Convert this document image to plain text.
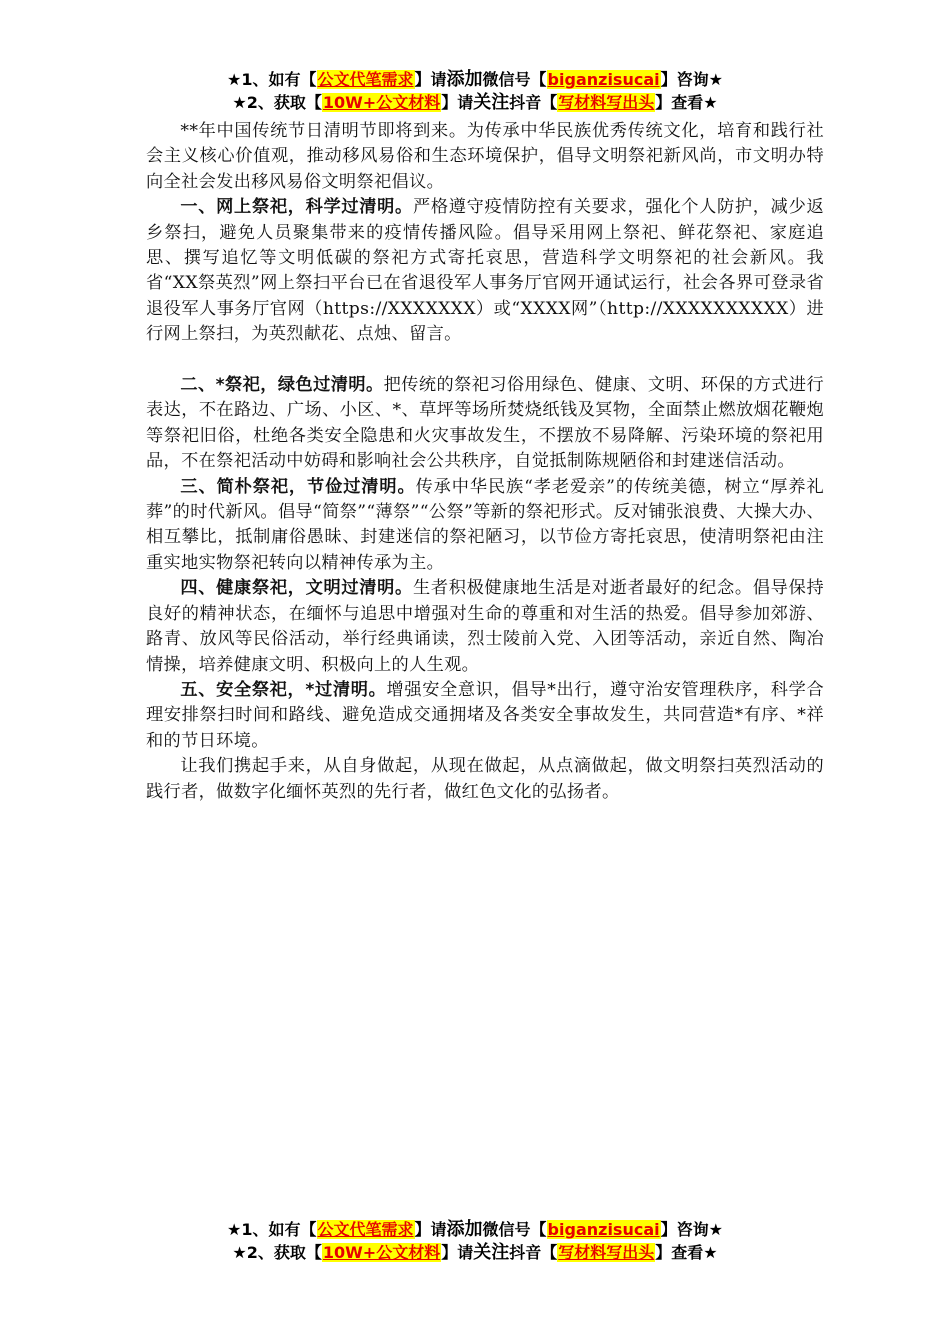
★1、如有【公文代笔需求】请添加微信号【biganzisucai】咨询★
★2、获取【10W+公文材料】请关注抖音【写材料写出头】查看★

**年中国传统节日清明节即将到来。为传承中华民族优秀传统文化，培育和践行社会主义核心价值观，推动移风易俗和生态环境保护，倡导文明祭祀新风尚，市文明办特向全社会发出移风易俗文明祭祀倡议。

一、网上祭祀，科学过清明。严格遵守疫情防控有关要求，强化个人防护，减少返乡祭扫，避免人员聚集带来的疫情传播风险。倡导采用网上祭祀、鲜花祭祀、家庭追思、撰写追忆等文明低碳的祭祀方式寄托哀思，营造科学文明祭祀的社会新风。我省“XX祭英烈”网上祭扫平台已在省退役军人事务厅官网开通试运行，社会各界可登录省退役军人事务厅官网（https://XXXXXXX）或“XXXX网”（http://XXXXXXXXXX）进行网上祭扫，为英烈献花、点烛、留言。

二、*祭祀，绿色过清明。把传统的祭祀习俗用绿色、健康、文明、环保的方式进行表达，不在路边、广场、小区、*、草坪等场所焚烧纸钱及冥物，全面禁止燃放烟花鞭炮等祭祀旧俗，杜绝各类安全隐患和火灾事故发生，不摆放不易降解、污染环境的祭祀用品，不在祭祀活动中妨碍和影响社会公共秩序，自觉抵制陈规陋俗和封建迷信活动。

三、简朴祭祀，节俭过清明。传承中华民族“孝老爱亲”的传统美德，树立“厚养礼葬”的时代新风。倡导“简祭”“薄祭”“公祭”等新的祭祀形式。反对铺张浪费、大操大办、相互攀比，抵制庸俗愚昧、封建迷信的祭祀陋习，以节俭方寄托哀思，使清明祭祀由注重实地实物祭祀转向以精神传承为主。

四、健康祭祀，文明过清明。生者积极健康地生活是对逝者最好的纪念。倡导保持良好的精神状态，在缅怀与追思中增强对生命的尊重和对生活的热爱。倡导参加郊游、路青、放风等民俗活动，举行经典诵读，烈士陵前入党、入团等活动，亲近自然、陶冶情操，培养健康文明、积极向上的人生观。

五、安全祭祀，*过清明。增强安全意识，倡导*出行，遵守治安管理秩序，科学合理安排祭扫时间和路线、避免造成交通拥堵及各类安全事故发生，共同营造*有序、*祥和的节日环境。

让我们携起手来，从自身做起，从现在做起，从点滴做起，做文明祭扫英烈活动的践行者，做数字化缅怀英烈的先行者，做红色文化的弘扬者。

★1、如有【公文代笔需求】请添加微信号【biganzisucai】咨询★
★2、获取【10W+公文材料】请关注抖音【写材料写出头】查看★
